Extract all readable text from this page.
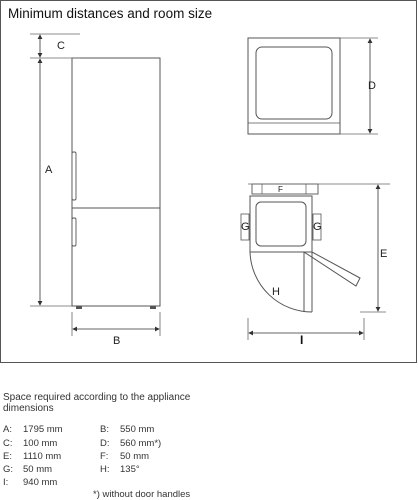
Minimum distances and room size
C
A
B
D
F
G	G
H
E
I
Space required according to the appliance dimensions
A: 1795 mm	B: 550 mm
C: 100 mm	D: 560 mm*)
E: 1110 mm	F: 50 mm
G: 50 mm	H: 135°
I: 940 mm
*) without door handles
